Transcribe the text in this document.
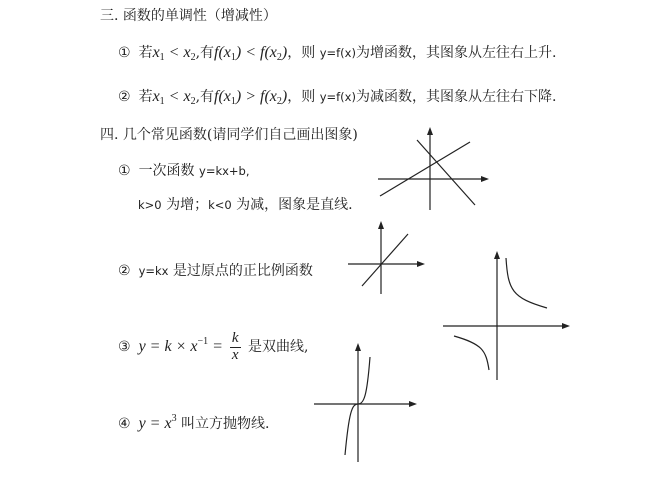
三. 函数的单调性（增减性）
① 若$x_1 < x_2$,有$f(x_1) < f(x_2)$，则 y=f(x)为增函数，其图象从左往右上升.
② 若$x_1 < x_2$,有$f(x_1) > f(x_2)$，则 y=f(x)为减函数，其图象从左往右下降.
四. 几个常见函数(请同学们自己画出图象)
① 一次函数 y=kx+b,
k>0 为增；k<0 为减，图象是直线.
② y=kx 是过原点的正比例函数
③ $y = k \times x^{-1} = \frac{k}{x}$ 是双曲线,
④ $y = x^3$ 叫立方抛物线.
